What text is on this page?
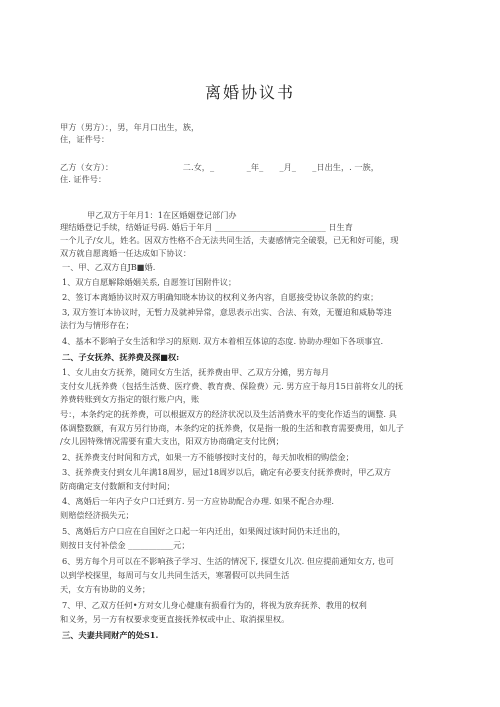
离婚协议书
甲方（男方）：，男，年月口出生，族，
住，证件号：
乙方（女方）：　　　　　　　　　二.女，_　　　　_年_　　_月_　　_日出生，. 一族，
住. 证件号：
甲乙双方于年月1：1在区婚姻登记部门办
理结婚登记手续，结婚证号码. 婚后于年月 ___________________________ 日生育
一个儿子/女儿，姓名。因双方性格不合无法共同生活，夫妻感情完全破裂，已无和好可能，现
双方就自愿离婚一任达成如下协议：
一、甲、乙双方自JB■婚.
1、双方自愿解除婚姻关系, 自愿签订国附件议；
2、签订本离婚协议时双方明确知晓本协议的权利义务内容，自愿接受协议条款的约束；
3, 双方签订本协议时，无暂力及就神异常，意思表示出实、合法、有效，无覆迫和威胁等违
法行为与情形存在；
4、基本不影响子女生活和学习的原则. 双方本着相互体谅的态度. 协助办理如下各项事宜.
二、子女抚养、抚养费及探■权:
1、女儿由女方抚养，随同女方生活，抚养费由甲、乙双方分摊，男方每月
支付女儿抚养费（包括生活费、医疗费、教育费、保险费）元. 男方应于每月15日前将女儿的抚
养费转账到女方指定的银行账户内，账
号：，本条约定的抚养费，可以根据双方的经济状况以及生活消费水平的变化作适当的调整. 具
体调整数额，有双方另行协商，本条约定的抚养费，仅是指一般的生活和教育需要费用，如儿子
/女儿因特殊情况需要有重大支出，阳双方协商确定支付比例；
2、抚养费支付时间和方式，如果一方不能够按时支付的，每天加收相的购偿金；
3、抚养费支付到女儿年满18周岁，屈过18周岁以后，确定有必要支付抚养费时，甲乙双方
防商确定支付数额和支付时间；
4、离婚后一年内子女户口迁到方. 另一方应协助配合办理. 如果不配合办理.
则赔偿经济损失元；
5、离婚后方户口应在自国好之口起一年内迁出，如果阀过该时间仍未迁出的，
则按日支付补偿金 ___________元；
6、男方每个月可以在不影响孩子学习、生活的情况下, 探望女儿次. 但应提前通知女方, 也可
以到学校探里，每周可与女儿共同生活天，寒署假可以共同生活
天，女方有协助的义务；
7、甲、乙双方任何•方对女儿身心健康有损看行为的，将视为放弃抚养、教用的权利
和义务，另一方有权要求变更直接抚养权或中止、取消探里权。
三、夫妻共同财产的处S1.
